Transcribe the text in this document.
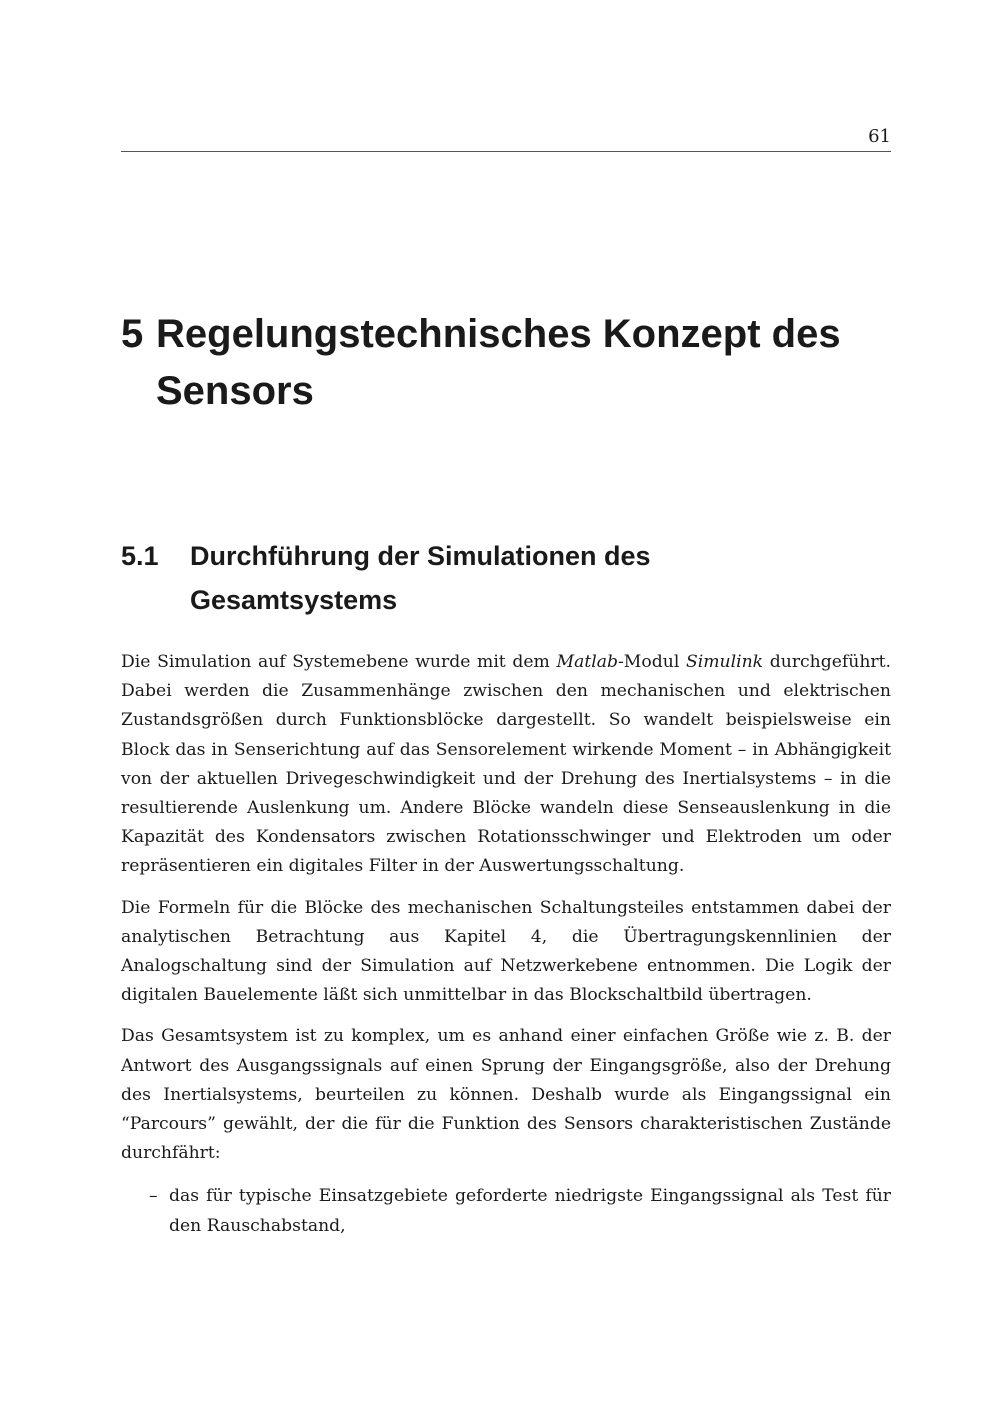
61
5 Regelungstechnisches Konzept des
Sensors
5.1 Durchführung der Simulationen des
Gesamtsystems

Die Simulation auf Systemebene wurde mit dem Matlab-Modul Simulink durchgeführt. Dabei werden die Zusammenhänge zwischen den mechanischen und elektrischen Zustandsgrößen durch Funktionsblöcke dargestellt. So wandelt beispielsweise ein Block das in Senserichtung auf das Sensorelement wirkende Moment – in Abhängigkeit von der aktuellen Drivegeschwindigkeit und der Drehung des Inertialsystems – in die resultierende Auslenkung um. Andere Blöcke wandeln diese Senseauslenkung in die Kapazität des Kondensators zwischen Rotationsschwinger und Elektroden um oder repräsentieren ein digitales Filter in der Auswertungsschaltung.

Die Formeln für die Blöcke des mechanischen Schaltungsteiles entstammen dabei der analytischen Betrachtung aus Kapitel 4, die Übertragungskennlinien der Analogschaltung sind der Simulation auf Netzwerkebene entnommen. Die Logik der digitalen Bauelemente läßt sich unmittelbar in das Blockschaltbild übertragen.

Das Gesamtsystem ist zu komplex, um es anhand einer einfachen Größe wie z. B. der Antwort des Ausgangssignals auf einen Sprung der Eingangsgröße, also der Drehung des Inertialsystems, beurteilen zu können. Deshalb wurde als Eingangssignal ein “Parcours” gewählt, der die für die Funktion des Sensors charakteristischen Zustände durchfährt:

– das für typische Einsatzgebiete geforderte niedrigste Eingangssignal als Test für den Rauschabstand,
